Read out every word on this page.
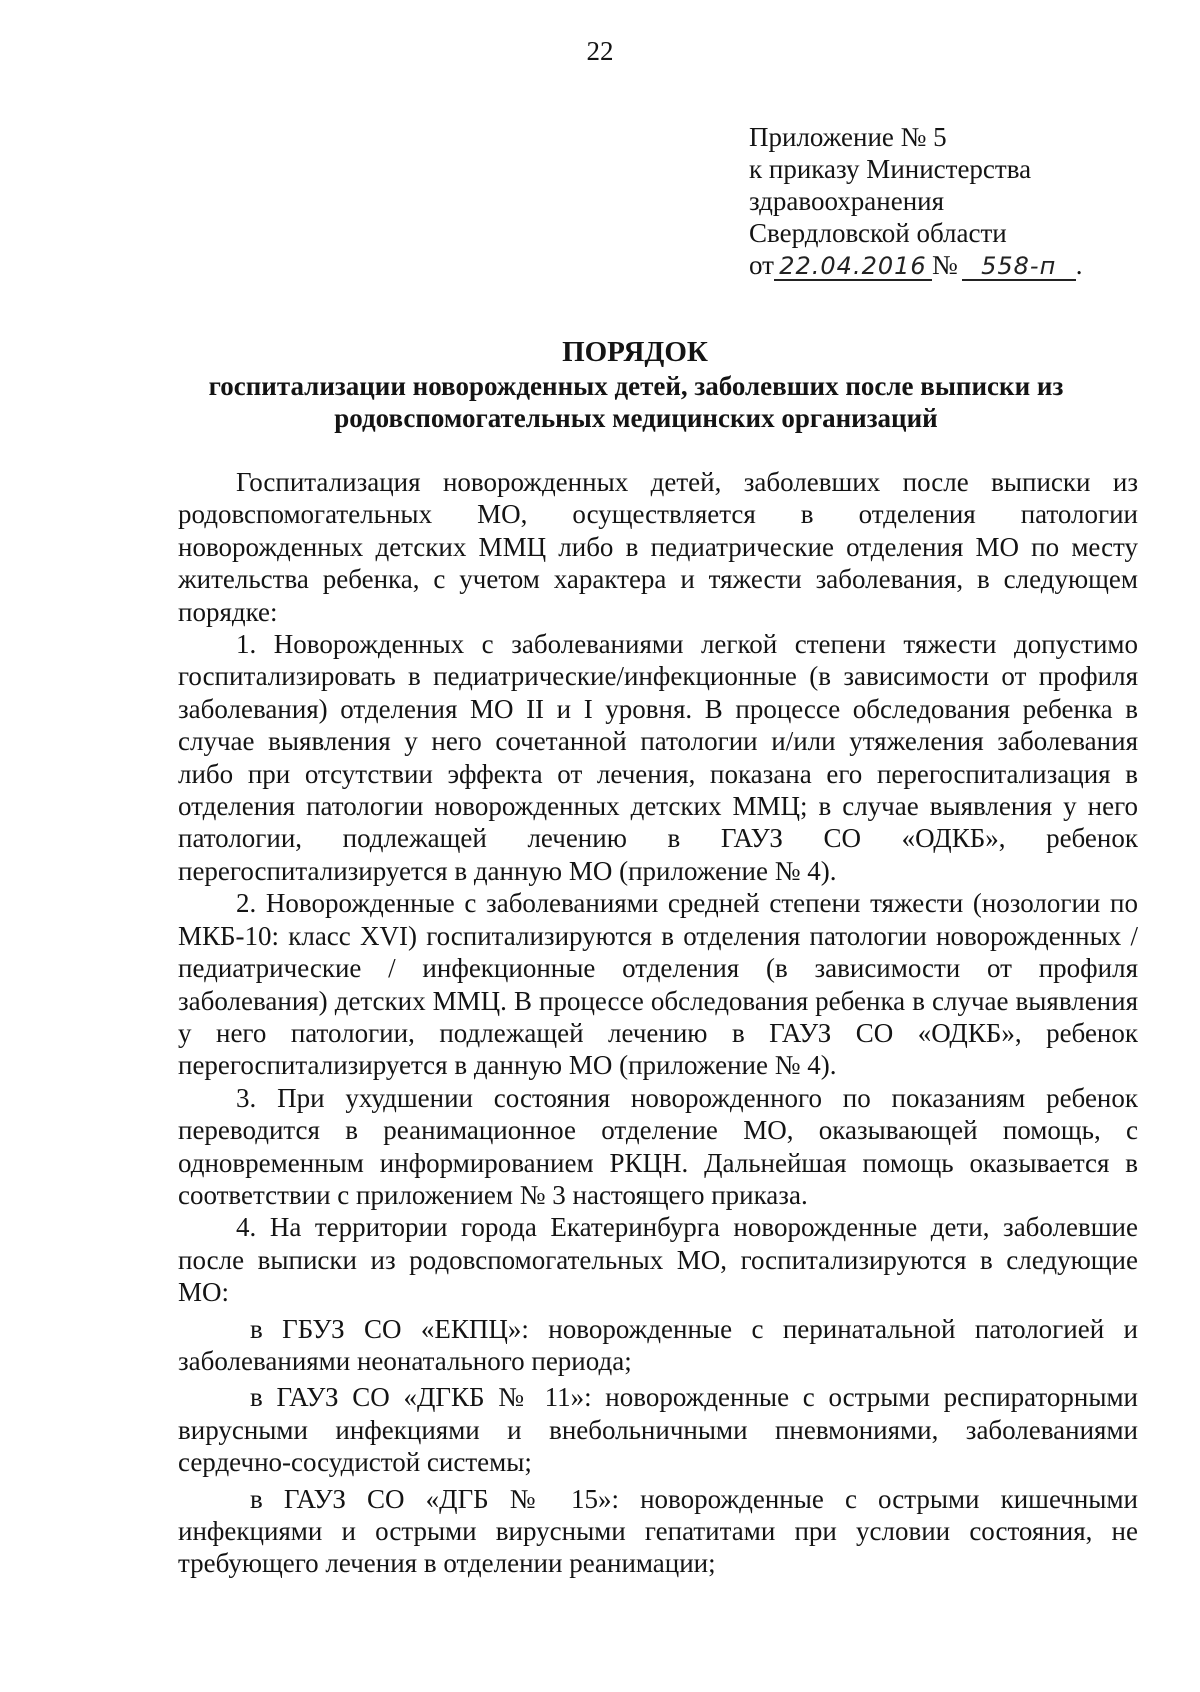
22
Приложение № 5
к приказу Министерства
здравоохранения
Свердловской области
от 22.04.2016 № 558-п .
ПОРЯДОК
госпитализации новорожденных детей, заболевших после выписки из родовспомогательных медицинских организаций

Госпитализация новорожденных детей, заболевших после выписки из родовспомогательных МО, осуществляется в отделения патологии новорожденных детских ММЦ либо в педиатрические отделения МО по месту жительства ребенка, с учетом характера и тяжести заболевания, в следующем порядке:

1. Новорожденных с заболеваниями легкой степени тяжести допустимо госпитализировать в педиатрические/инфекционные (в зависимости от профиля заболевания) отделения МО II и I уровня. В процессе обследования ребенка в случае выявления у него сочетанной патологии и/или утяжеления заболевания либо при отсутствии эффекта от лечения, показана его перегоспитализация в отделения патологии новорожденных детских ММЦ; в случае выявления у него патологии, подлежащей лечению в ГАУЗ СО «ОДКБ», ребенок перегоспитализируется в данную МО (приложение № 4).

2. Новорожденные с заболеваниями средней степени тяжести (нозологии по МКБ-10: класс XVI) госпитализируются в отделения патологии новорожденных /педиатрические / инфекционные отделения (в зависимости от профиля заболевания) детских ММЦ. В процессе обследования ребенка в случае выявления у него патологии, подлежащей лечению в ГАУЗ СО «ОДКБ», ребенок перегоспитализируется в данную МО (приложение № 4).

3. При ухудшении состояния новорожденного по показаниям ребенок переводится в реанимационное отделение МО, оказывающей помощь, с одновременным информированием РКЦН. Дальнейшая помощь оказывается в соответствии с приложением № 3 настоящего приказа.

4. На территории города Екатеринбурга новорожденные дети, заболевшие после выписки из родовспомогательных МО, госпитализируются в следующие МО:

в ГБУЗ СО «ЕКПЦ»: новорожденные с перинатальной патологией и заболеваниями неонатального периода;

в ГАУЗ СО «ДГКБ № 11»: новорожденные с острыми респираторными вирусными инфекциями и внебольничными пневмониями, заболеваниями сердечно-сосудистой системы;

в ГАУЗ СО «ДГБ № 15»: новорожденные с острыми кишечными инфекциями и острыми вирусными гепатитами при условии состояния, не требующего лечения в отделении реанимации;
